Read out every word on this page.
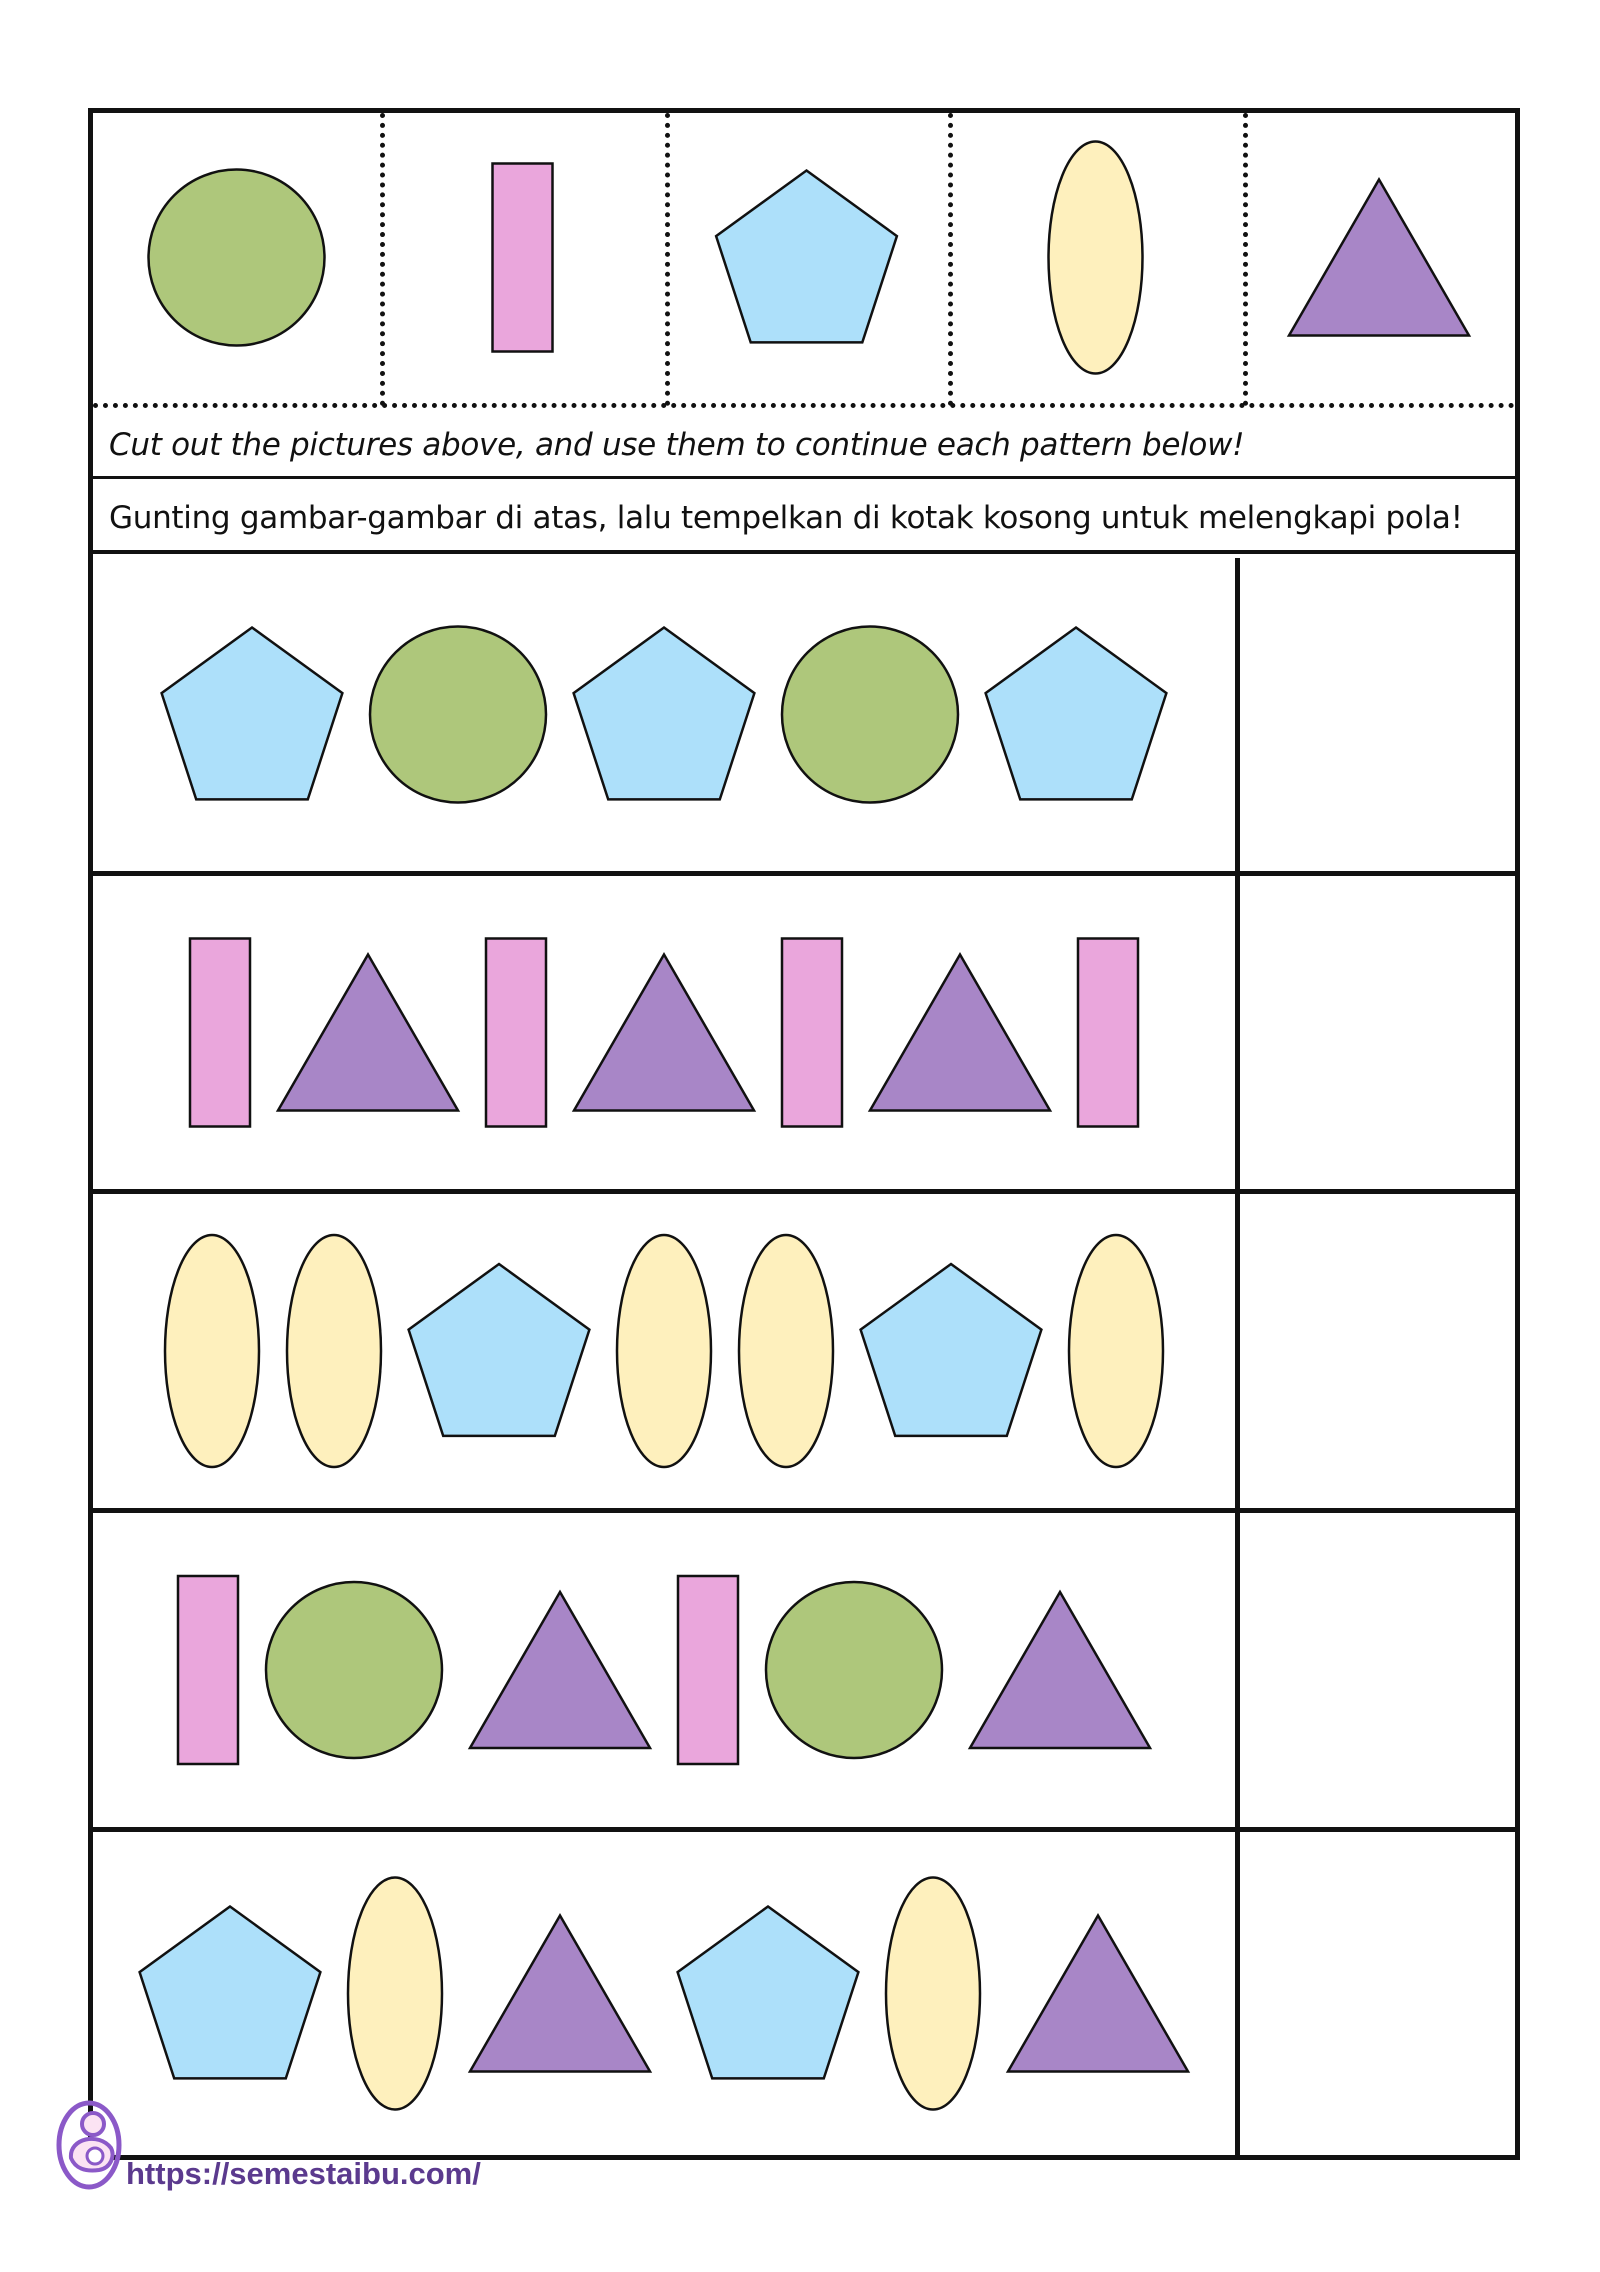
Cut out the pictures above, and use them to continue each pattern below!
Gunting gambar-gambar di atas, lalu tempelkan di kotak kosong untuk melengkapi pola!
https://semestaibu.com/
